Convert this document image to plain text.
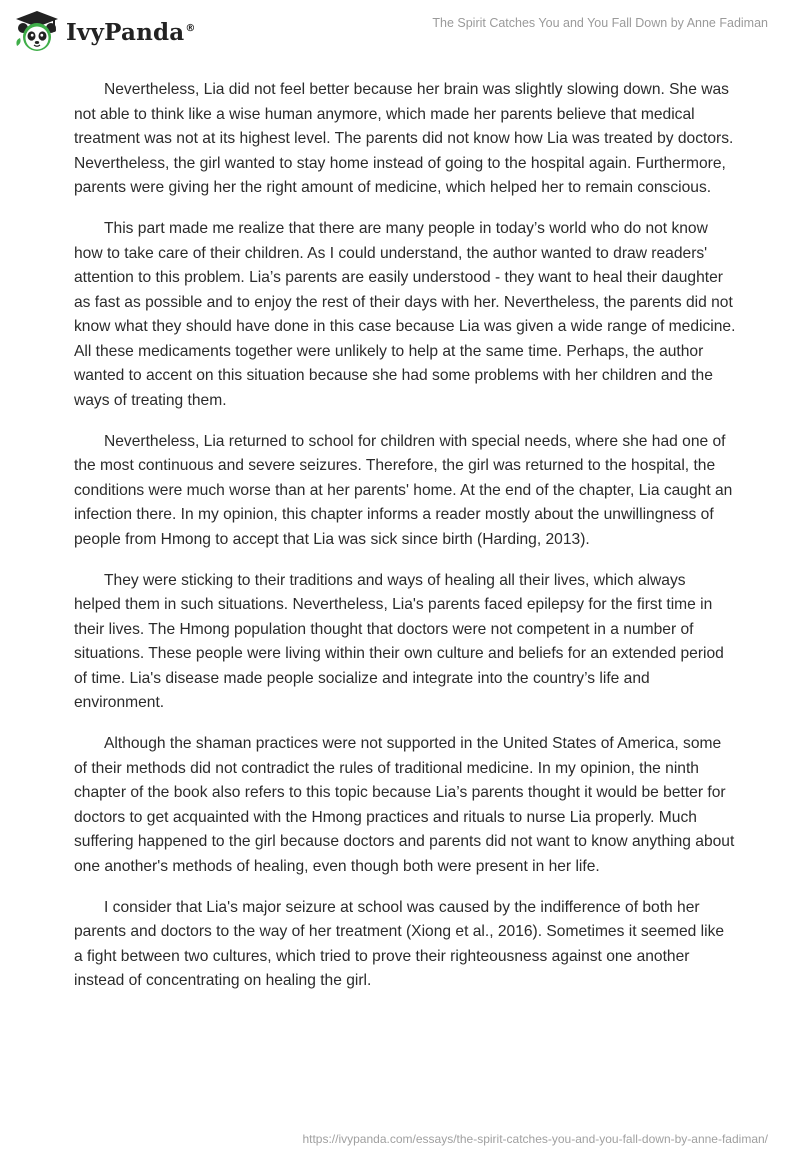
IvyPanda®	The Spirit Catches You and You Fall Down by Anne Fadiman

Nevertheless, Lia did not feel better because her brain was slightly slowing down. She was not able to think like a wise human anymore, which made her parents believe that medical treatment was not at its highest level. The parents did not know how Lia was treated by doctors. Nevertheless, the girl wanted to stay home instead of going to the hospital again. Furthermore, parents were giving her the right amount of medicine, which helped her to remain conscious.

This part made me realize that there are many people in today’s world who do not know how to take care of their children. As I could understand, the author wanted to draw readers' attention to this problem. Lia’s parents are easily understood - they want to heal their daughter as fast as possible and to enjoy the rest of their days with her. Nevertheless, the parents did not know what they should have done in this case because Lia was given a wide range of medicine. All these medicaments together were unlikely to help at the same time. Perhaps, the author wanted to accent on this situation because she had some problems with her children and the ways of treating them.

Nevertheless, Lia returned to school for children with special needs, where she had one of the most continuous and severe seizures. Therefore, the girl was returned to the hospital, the conditions were much worse than at her parents' home. At the end of the chapter, Lia caught an infection there. In my opinion, this chapter informs a reader mostly about the unwillingness of people from Hmong to accept that Lia was sick since birth (Harding, 2013).

They were sticking to their traditions and ways of healing all their lives, which always helped them in such situations. Nevertheless, Lia's parents faced epilepsy for the first time in their lives. The Hmong population thought that doctors were not competent in a number of situations. These people were living within their own culture and beliefs for an extended period of time. Lia's disease made people socialize and integrate into the country’s life and environment.

Although the shaman practices were not supported in the United States of America, some of their methods did not contradict the rules of traditional medicine. In my opinion, the ninth chapter of the book also refers to this topic because Lia’s parents thought it would be better for doctors to get acquainted with the Hmong practices and rituals to nurse Lia properly. Much suffering happened to the girl because doctors and parents did not want to know anything about one another's methods of healing, even though both were present in her life.

I consider that Lia's major seizure at school was caused by the indifference of both her parents and doctors to the way of her treatment (Xiong et al., 2016). Sometimes it seemed like a fight between two cultures, which tried to prove their righteousness against one another instead of concentrating on healing the girl.

https://ivypanda.com/essays/the-spirit-catches-you-and-you-fall-down-by-anne-fadiman/
